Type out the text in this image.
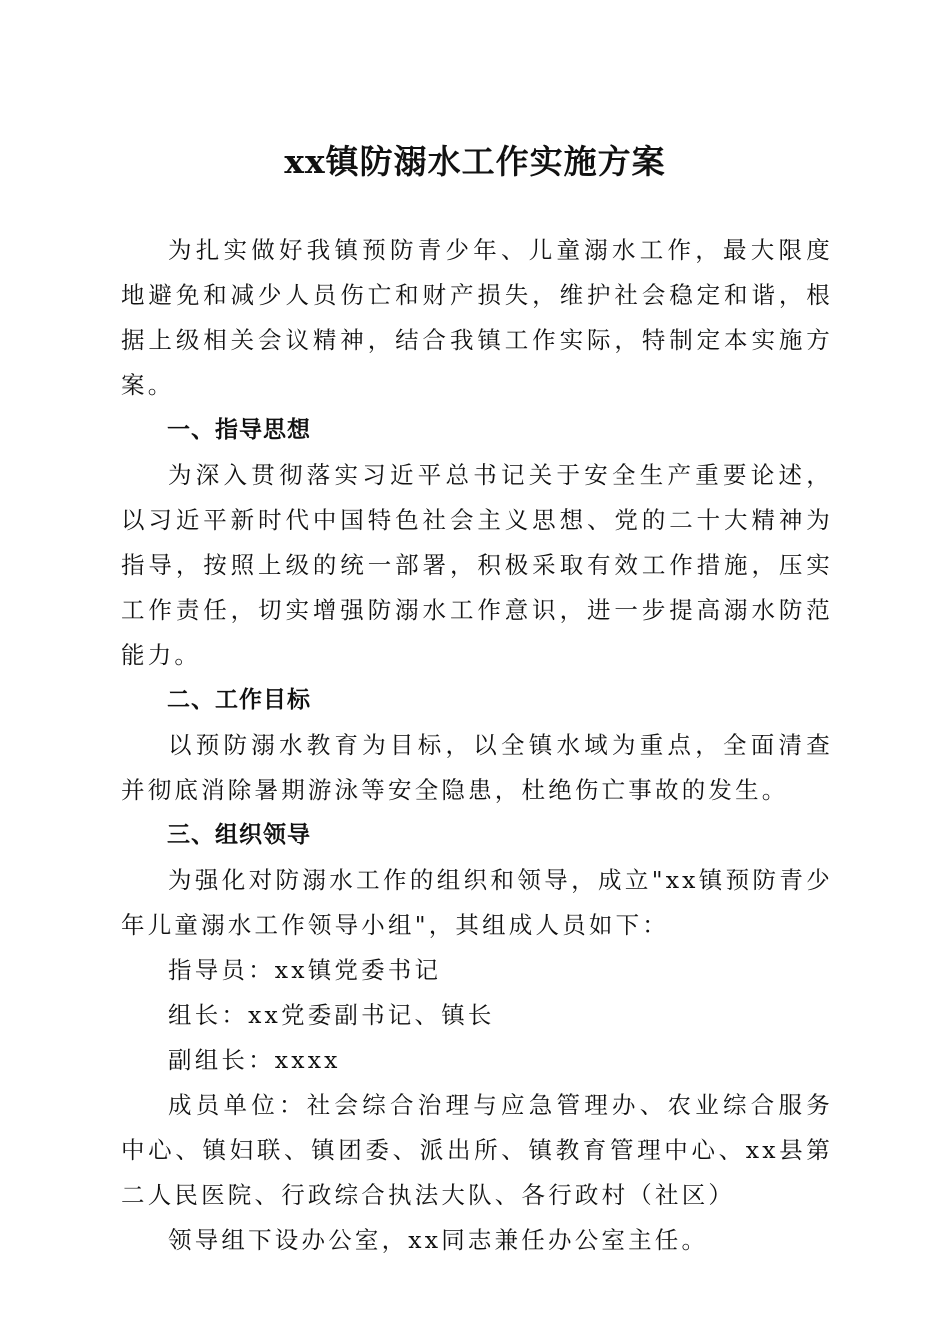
xx镇防溺水工作实施方案

为扎实做好我镇预防青少年、儿童溺水工作，最大限度地避免和减少人员伤亡和财产损失，维护社会稳定和谐，根据上级相关会议精神，结合我镇工作实际，特制定本实施方案。

一、指导思想

为深入贯彻落实习近平总书记关于安全生产重要论述，以习近平新时代中国特色社会主义思想、党的二十大精神为指导，按照上级的统一部署，积极采取有效工作措施，压实工作责任，切实增强防溺水工作意识，进一步提高溺水防范能力。

二、工作目标

以预防溺水教育为目标，以全镇水域为重点，全面清查并彻底消除暑期游泳等安全隐患，杜绝伤亡事故的发生。

三、组织领导

为强化对防溺水工作的组织和领导，成立"xx镇预防青少年儿童溺水工作领导小组"，其组成人员如下：

指导员：xx镇党委书记

组长：xx党委副书记、镇长

副组长：xxxx

成员单位：社会综合治理与应急管理办、农业综合服务中心、镇妇联、镇团委、派出所、镇教育管理中心、xx县第二人民医院、行政综合执法大队、各行政村（社区）

领导组下设办公室，xx同志兼任办公室主任。
